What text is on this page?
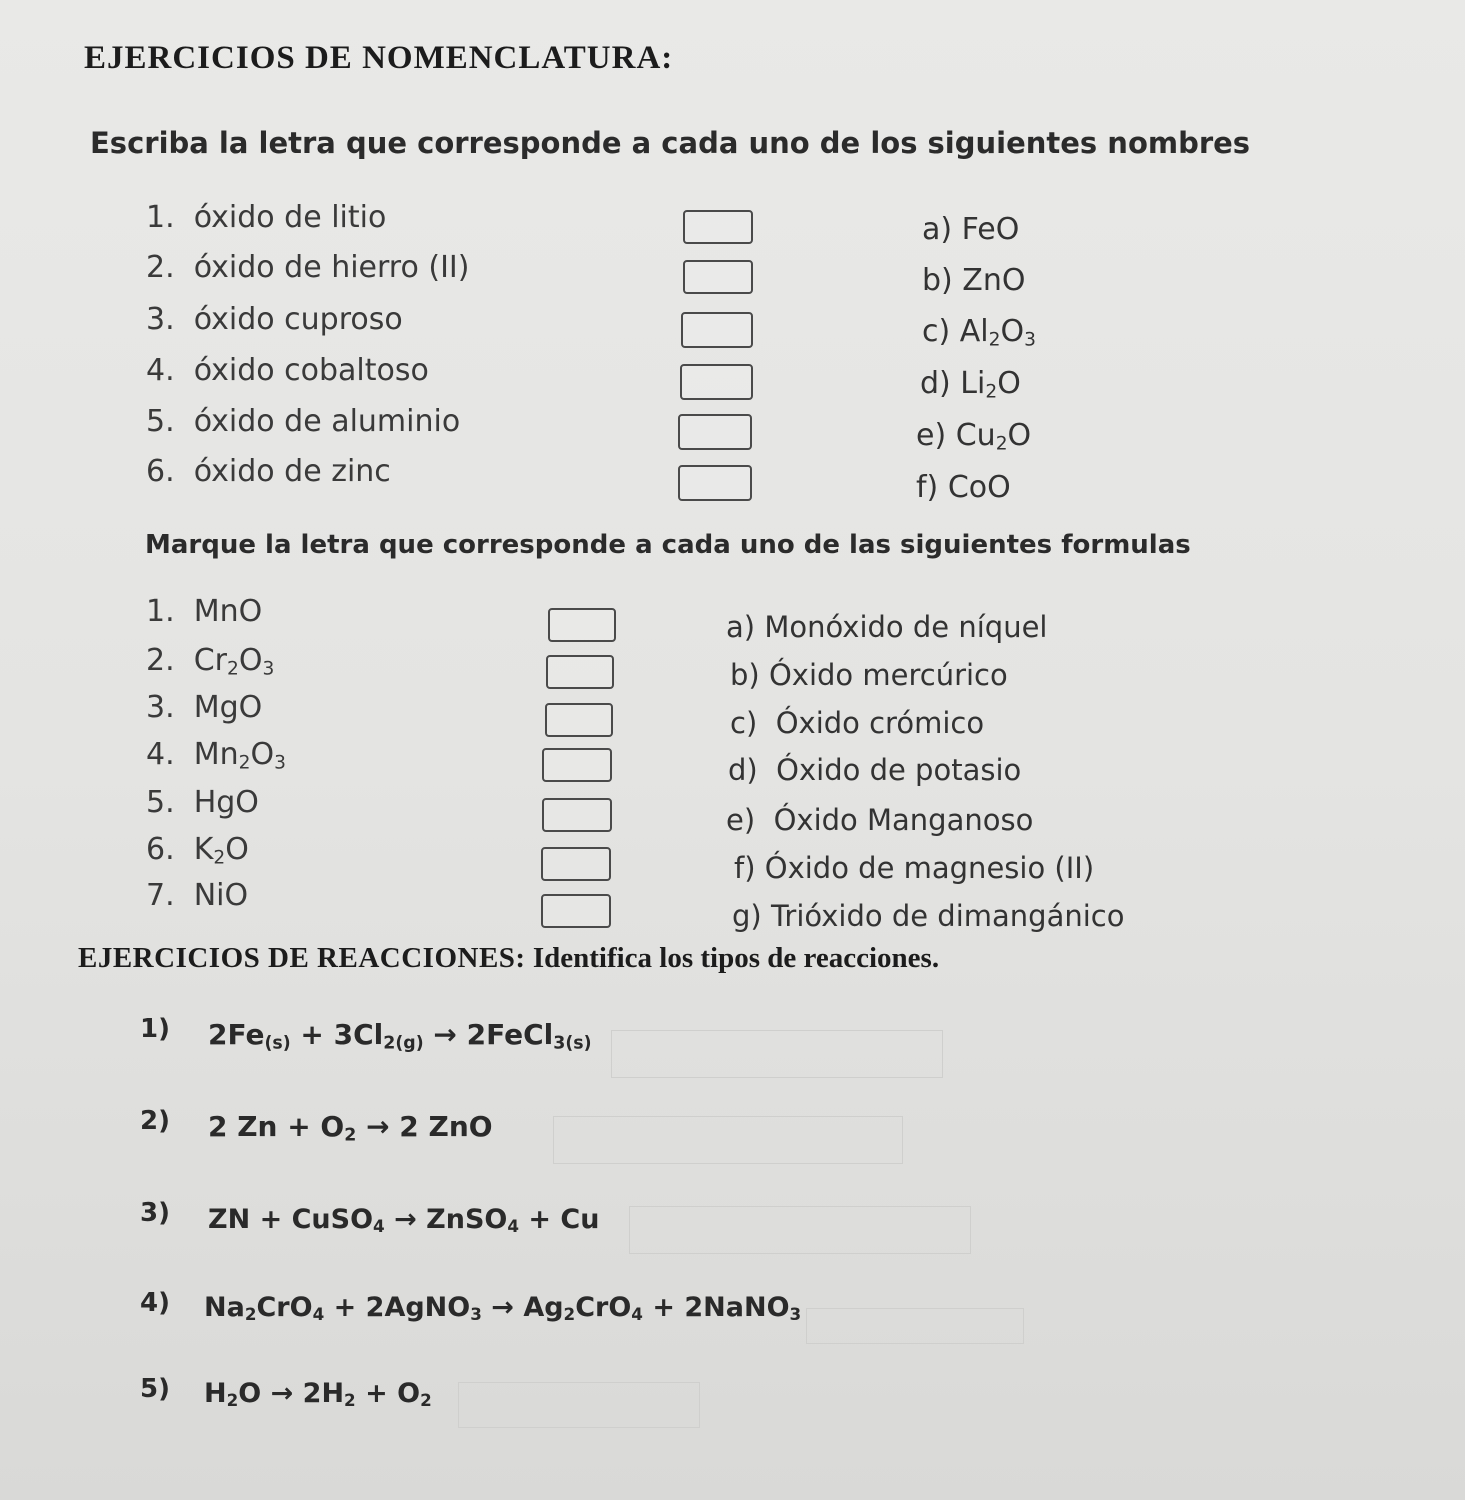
EJERCICIOS DE NOMENCLATURA:
Escriba la letra que corresponde a cada uno de los siguientes nombres
1. óxido de litio
2. óxido de hierro (II)
3. óxido cuproso
4. óxido cobaltoso
5. óxido de aluminio
6. óxido de zinc
a) FeO
b) ZnO
c) $Al_2O_3$
d) $Li_2O$
e) $Cu_2O$
f) CoO
Marque la letra que corresponde a cada uno de las siguientes formulas
1. MnO
2. $Cr_2O_3$
3. MgO
4. $Mn_2O_3$
5. HgO
6. $K_2O$
7. NiO
a) Monóxido de níquel
b) Óxido mercúrico
c) Óxido crómico
d) Óxido de potasio
e) Óxido Manganoso
f) Óxido de magnesio (II)
g) Trióxido de dimangánico
EJERCICIOS DE REACCIONES: Identifica los tipos de reacciones.
1) $2Fe_{(s)} + 3Cl_{2(g)}$ → 2FeCl$_{3(s)}$
2) 2 $Zn + O_2 \to 2$ ZnO
3) ZN + CuSO$_4$ → ZnSO$_4$ + Cu
4) $Na_2CrO_4$ + 2AgNO$_3$ → $Ag_2CrO_4$ + 2NaNO$_3$
5) $H_2O \to 2H_2 + O_2$
